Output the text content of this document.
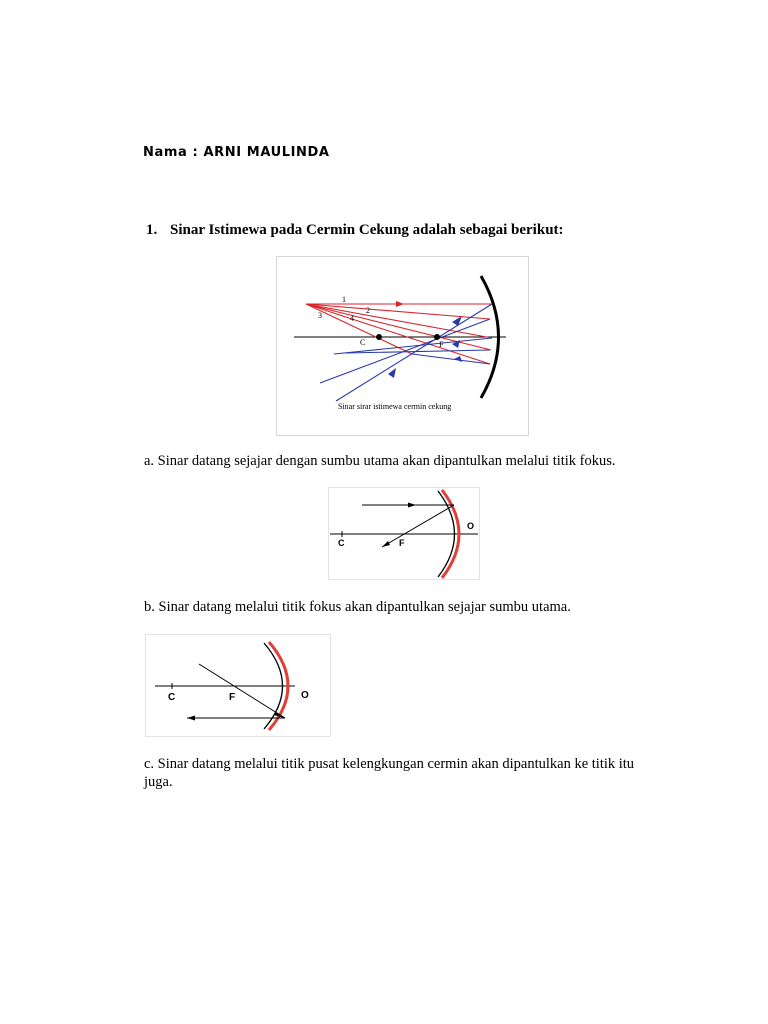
Nama : ARNI MAULINDA
1. Sinar Istimewa pada Cermin Cekung adalah sebagai berikut:
1
2
3	4
C	F
Sinar sirar istimewa cermin cekung
a. Sinar datang sejajar dengan sumbu utama akan dipantulkan melalui titik fokus.
C	F
O
b. Sinar datang melalui titik fokus akan dipantulkan sejajar sumbu utama.
C	F	O
c. Sinar datang melalui titik pusat kelengkungan cermin akan dipantulkan ke titik itu juga.
